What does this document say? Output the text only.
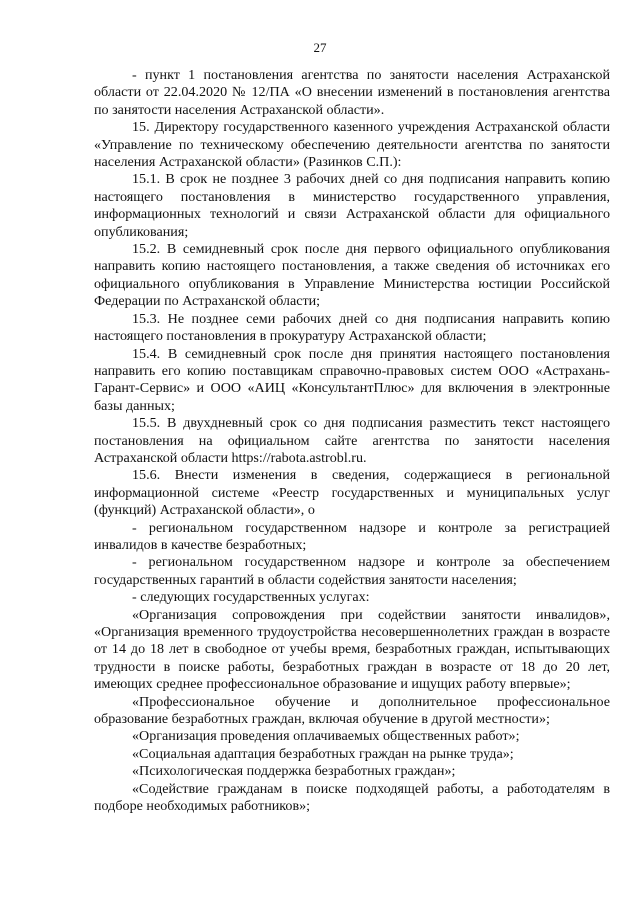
27

- пункт 1 постановления агентства по занятости населения Астраханской области от 22.04.2020 № 12/ПА «О внесении изменений в постановления агентства по занятости населения Астраханской области».

15. Директору государственного казенного учреждения Астраханской области «Управление по техническому обеспечению деятельности агентства по занятости населения Астраханской области» (Разинков С.П.):

15.1. В срок не позднее 3 рабочих дней со дня подписания направить копию настоящего постановления в министерство государственного управления, информационных технологий и связи Астраханской области для официального опубликования;

15.2. В семидневный срок после дня первого официального опубликования направить копию настоящего постановления, а также сведения об источниках его официального опубликования в Управление Министерства юстиции Российской Федерации по Астраханской области;

15.3. Не позднее семи рабочих дней со дня подписания направить копию настоящего постановления в прокуратуру Астраханской области;

15.4. В семидневный срок после дня принятия настоящего постановления направить его копию поставщикам справочно-правовых систем ООО «Астрахань-Гарант-Сервис» и ООО «АИЦ «КонсультантПлюс» для включения в электронные базы данных;

15.5. В двухдневный срок со дня подписания разместить текст настоящего постановления на официальном сайте агентства по занятости населения Астраханской области https://rabota.astrobl.ru.

15.6. Внести изменения в сведения, содержащиеся в региональной информационной системе «Реестр государственных и муниципальных услуг (функций) Астраханской области», о

- региональном государственном надзоре и контроле за регистрацией инвалидов в качестве безработных;

- региональном государственном надзоре и контроле за обеспечением государственных гарантий в области содействия занятости населения;

- следующих государственных услугах:

«Организация сопровождения при содействии занятости инвалидов», «Организация временного трудоустройства несовершеннолетних граждан в возрасте от 14 до 18 лет в свободное от учебы время, безработных граждан, испытывающих трудности в поиске работы, безработных граждан в возрасте от 18 до 20 лет, имеющих среднее профессиональное образование и ищущих работу впервые»;

«Профессиональное обучение и дополнительное профессиональное образование безработных граждан, включая обучение в другой местности»;

«Организация проведения оплачиваемых общественных работ»;

«Социальная адаптация безработных граждан на рынке труда»;

«Психологическая поддержка безработных граждан»;

«Содействие гражданам в поиске подходящей работы, а работодателям в подборе необходимых работников»;
